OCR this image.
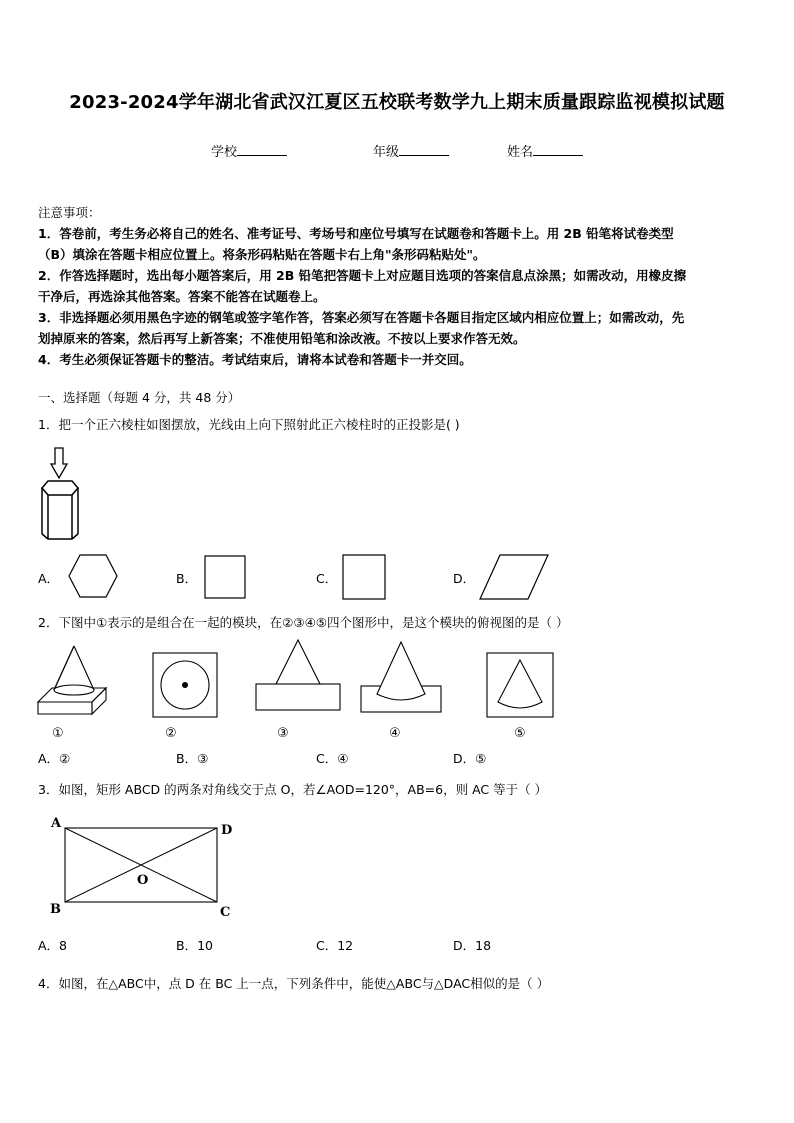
2023-2024学年湖北省武汉江夏区五校联考数学九上期末质量跟踪监视模拟试题
学校	年级	姓名
注意事项：
1．答卷前，考生务必将自己的姓名、准考证号、考场号和座位号填写在试题卷和答题卡上。用 2B 铅笔将试卷类型
（B）填涂在答题卡相应位置上。将条形码粘贴在答题卡右上角"条形码粘贴处"。
2．作答选择题时，选出每小题答案后，用 2B 铅笔把答题卡上对应题目选项的答案信息点涂黑；如需改动，用橡皮擦
干净后，再选涂其他答案。答案不能答在试题卷上。
3．非选择题必须用黑色字迹的钢笔或签字笔作答，答案必须写在答题卡各题目指定区域内相应位置上；如需改动，先
划掉原来的答案，然后再写上新答案；不准使用铅笔和涂改液。不按以上要求作答无效。
4．考生必须保证答题卡的整洁。考试结束后，请将本试卷和答题卡一并交回。
一、选择题（每题 4 分，共 48 分）
1．把一个正六棱柱如图摆放，光线由上向下照射此正六棱柱时的正投影是( )
A．	B．	C．	D．
2．下图中①表示的是组合在一起的模块，在②③④⑤四个图形中，是这个模块的俯视图的是（ ）
①	②	③	④	⑤
A．②	B．③	C．④	D．⑤
3．如图，矩形 ABCD 的两条对角线交于点 O，若∠AOD=120°，AB=6，则 AC 等于（ ）
A	D
B	C
O
A．8	B．10	C．12	D．18
4．如图，在△ABC中，点 D 在 BC 上一点，下列条件中，能使△ABC与△DAC相似的是（ ）
